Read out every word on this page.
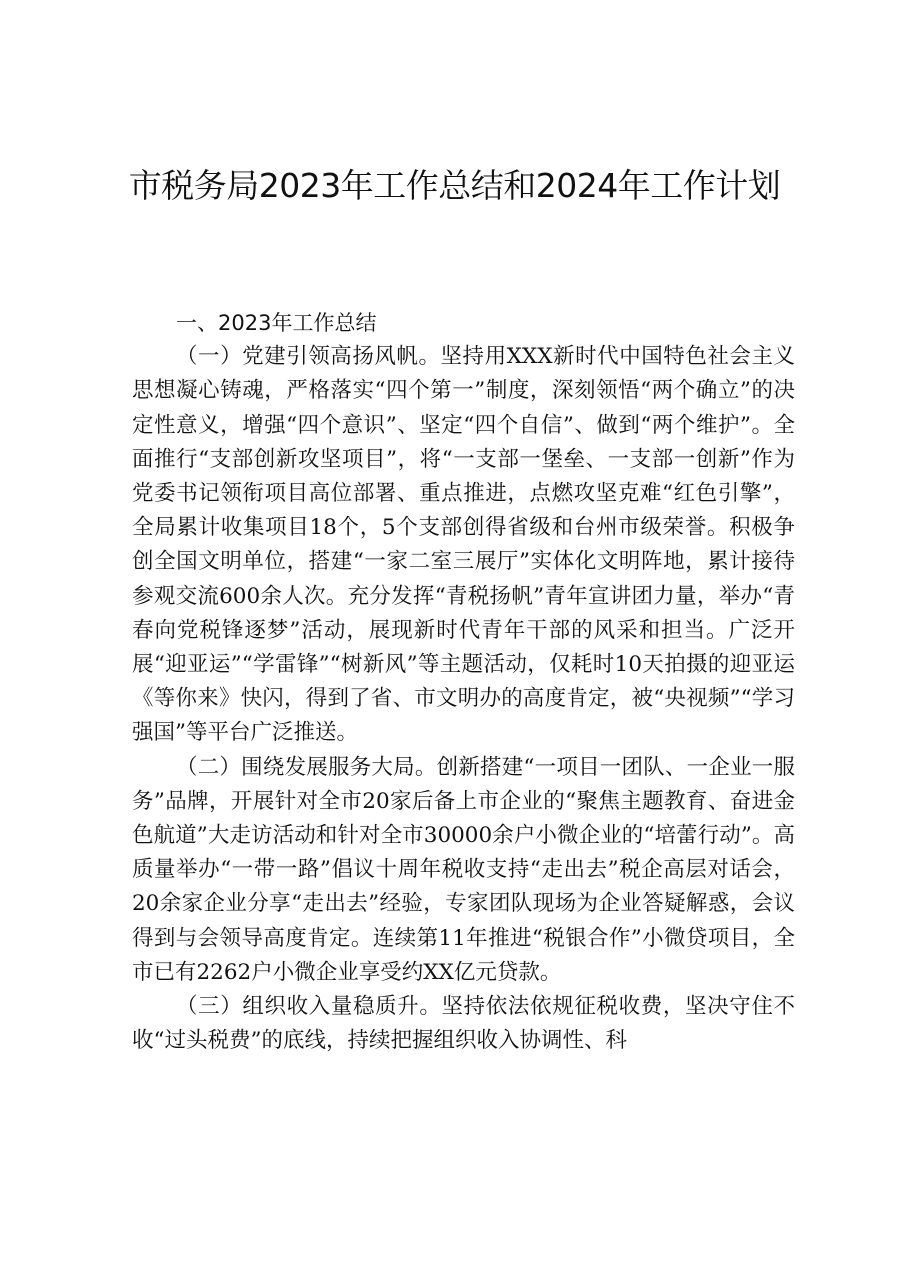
市税务局2023年工作总结和2024年工作计划

一、2023年工作总结

（一）党建引领高扬风帆。坚持用XXX新时代中国特色社会主义思想凝心铸魂，严格落实“四个第一”制度，深刻领悟“两个确立”的决定性意义，增强“四个意识”、坚定“四个自信”、做到“两个维护”。全面推行“支部创新攻坚项目”，将“一支部一堡垒、一支部一创新”作为党委书记领衔项目高位部署、重点推进，点燃攻坚克难“红色引擎”，全局累计收集项目18个，5个支部创得省级和台州市级荣誉。积极争创全国文明单位，搭建“一家二室三展厅”实体化文明阵地，累计接待参观交流600余人次。充分发挥“青税扬帆”青年宣讲团力量，举办“青春向党税锋逐梦”活动，展现新时代青年干部的风采和担当。广泛开展“迎亚运”“学雷锋”“树新风”等主题活动，仅耗时10天拍摄的迎亚运《等你来》快闪，得到了省、市文明办的高度肯定，被“央视频”“学习强国”等平台广泛推送。

（二）围绕发展服务大局。创新搭建“一项目一团队、一企业一服务”品牌，开展针对全市20家后备上市企业的“聚焦主题教育、奋进金色航道”大走访活动和针对全市30000余户小微企业的“培蕾行动”。高质量举办“一带一路”倡议十周年税收支持“走出去”税企高层对话会，20余家企业分享“走出去”经验，专家团队现场为企业答疑解惑，会议得到与会领导高度肯定。连续第11年推进“税银合作”小微贷项目，全市已有2262户小微企业享受约XX亿元贷款。

（三）组织收入量稳质升。坚持依法依规征税收费，坚决守住不收“过头税费”的底线，持续把握组织收入协调性、科
